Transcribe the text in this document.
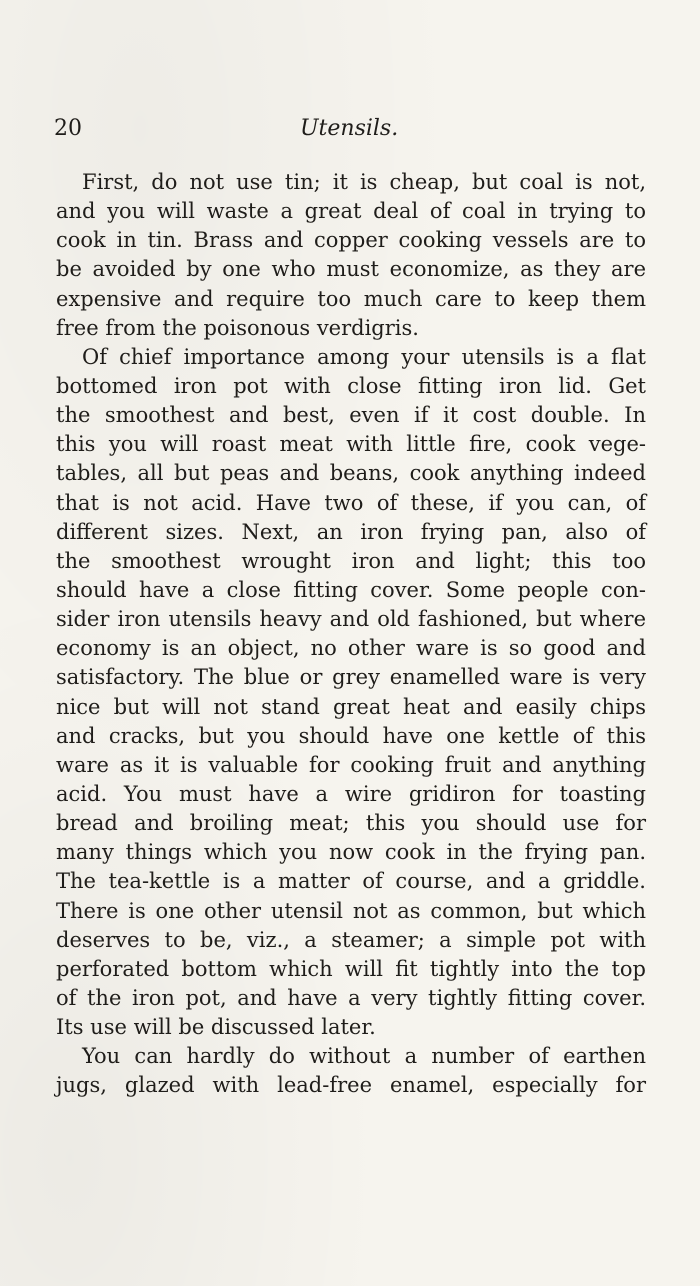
20	Utensils.
First, do not use tin; it is cheap, but coal is not,
and you will waste a great deal of coal in trying to
cook in tin. Brass and copper cooking vessels are to
be avoided by one who must economize, as they are
expensive and require too much care to keep them
free from the poisonous verdigris.
Of chief importance among your utensils is a flat
bottomed iron pot with close fitting iron lid. Get
the smoothest and best, even if it cost double. In
this you will roast meat with little fire, cook vege-
tables, all but peas and beans, cook anything indeed
that is not acid. Have two of these, if you can, of
different sizes. Next, an iron frying pan, also of
the smoothest wrought iron and light; this too
should have a close fitting cover. Some people con-
sider iron utensils heavy and old fashioned, but where
economy is an object, no other ware is so good and
satisfactory. The blue or grey enamelled ware is very
nice but will not stand great heat and easily chips
and cracks, but you should have one kettle of this
ware as it is valuable for cooking fruit and anything
acid. You must have a wire gridiron for toasting
bread and broiling meat; this you should use for
many things which you now cook in the frying pan.
The tea-kettle is a matter of course, and a griddle.
There is one other utensil not as common, but which
deserves to be, viz., a steamer; a simple pot with
perforated bottom which will fit tightly into the top
of the iron pot, and have a very tightly fitting cover.
Its use will be discussed later.
You can hardly do without a number of earthen
jugs, glazed with lead-free enamel, especially for
